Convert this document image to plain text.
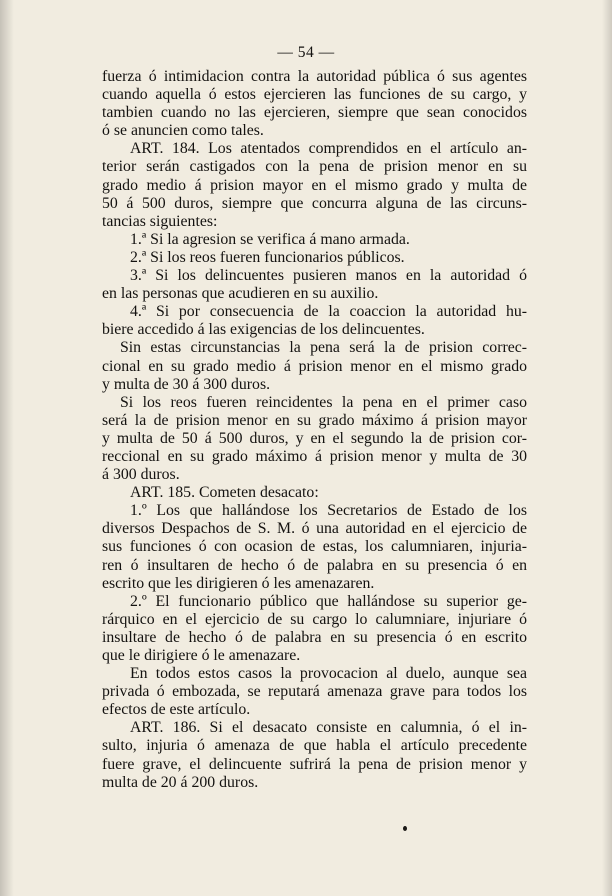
— 54 —
fuerza ó intimidacion contra la autoridad pública ó sus agentes
cuando aquella ó estos ejercieren las funciones de su cargo, y
tambien cuando no las ejercieren, siempre que sean conocidos
ó se anuncien como tales.
ART. 184. Los atentados comprendidos en el artículo an-
terior serán castigados con la pena de prision menor en su
grado medio á prision mayor en el mismo grado y multa de
50 á 500 duros, siempre que concurra alguna de las circuns-
tancias siguientes:
1.ª Si la agresion se verifica á mano armada.
2.ª Si los reos fueren funcionarios públicos.
3.ª Si los delincuentes pusieren manos en la autoridad ó
en las personas que acudieren en su auxilio.
4.ª Si por consecuencia de la coaccion la autoridad hu-
biere accedido á las exigencias de los delincuentes.
Sin estas circunstancias la pena será la de prision correc-
cional en su grado medio á prision menor en el mismo grado
y multa de 30 á 300 duros.
Si los reos fueren reincidentes la pena en el primer caso
será la de prision menor en su grado máximo á prision mayor
y multa de 50 á 500 duros, y en el segundo la de prision cor-
reccional en su grado máximo á prision menor y multa de 30
á 300 duros.
ART. 185. Cometen desacato:
1.º Los que hallándose los Secretarios de Estado de los
diversos Despachos de S. M. ó una autoridad en el ejercicio de
sus funciones ó con ocasion de estas, los calumniaren, injuria-
ren ó insultaren de hecho ó de palabra en su presencia ó en
escrito que les dirigieren ó les amenazaren.
2.º El funcionario público que hallándose su superior ge-
rárquico en el ejercicio de su cargo lo calumniare, injuriare ó
insultare de hecho ó de palabra en su presencia ó en escrito
que le dirigiere ó le amenazare.
En todos estos casos la provocacion al duelo, aunque sea
privada ó embozada, se reputará amenaza grave para todos los
efectos de este artículo.
ART. 186. Si el desacato consiste en calumnia, ó el in-
sulto, injuria ó amenaza de que habla el artículo precedente
fuere grave, el delincuente sufrirá la pena de prision menor y
multa de 20 á 200 duros.
